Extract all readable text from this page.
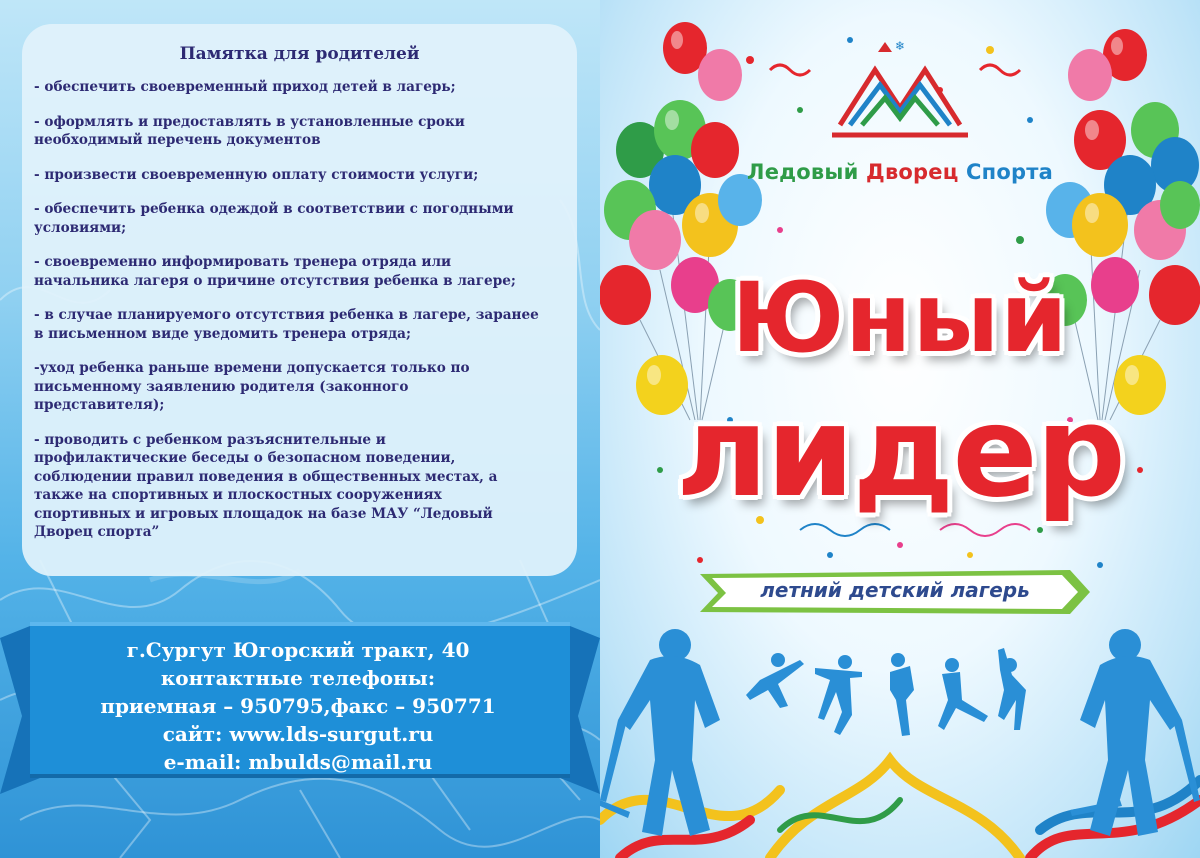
Памятка для родителей
- обеспечить своевременный приход детей в лагерь;
- оформлять и предоставлять в установленные сроки необходимый перечень документов
- произвести своевременную оплату стоимости услуги;
- обеспечить ребенка одеждой в соответствии с погодными условиями;
- своевременно информировать тренера отряда или начальника лагеря о причине отсутствия ребенка в лагере;
- в случае планируемого отсутствия ребенка в лагере, заранее в письменном виде уведомить тренера отряда;
-уход ребенка раньше времени допускается только по письменному заявлению родителя (законного представителя);
- проводить с ребенком разъяснительные и профилактические беседы о безопасном поведении, соблюдении правил поведения в общественных местах, а также на спортивных и плоскостных сооружениях спортивных и игровых площадок на базе МАУ “Ледовый Дворец спорта”
г.Сургут Югорский тракт, 40
контактные телефоны:
приемная – 950795,факс – 950771
сайт: www.lds-surgut.ru
e-mail: mbulds@mail.ru
❄
Ледовый Дворец Спорта
Юный
лидер
летний детский лагерь
